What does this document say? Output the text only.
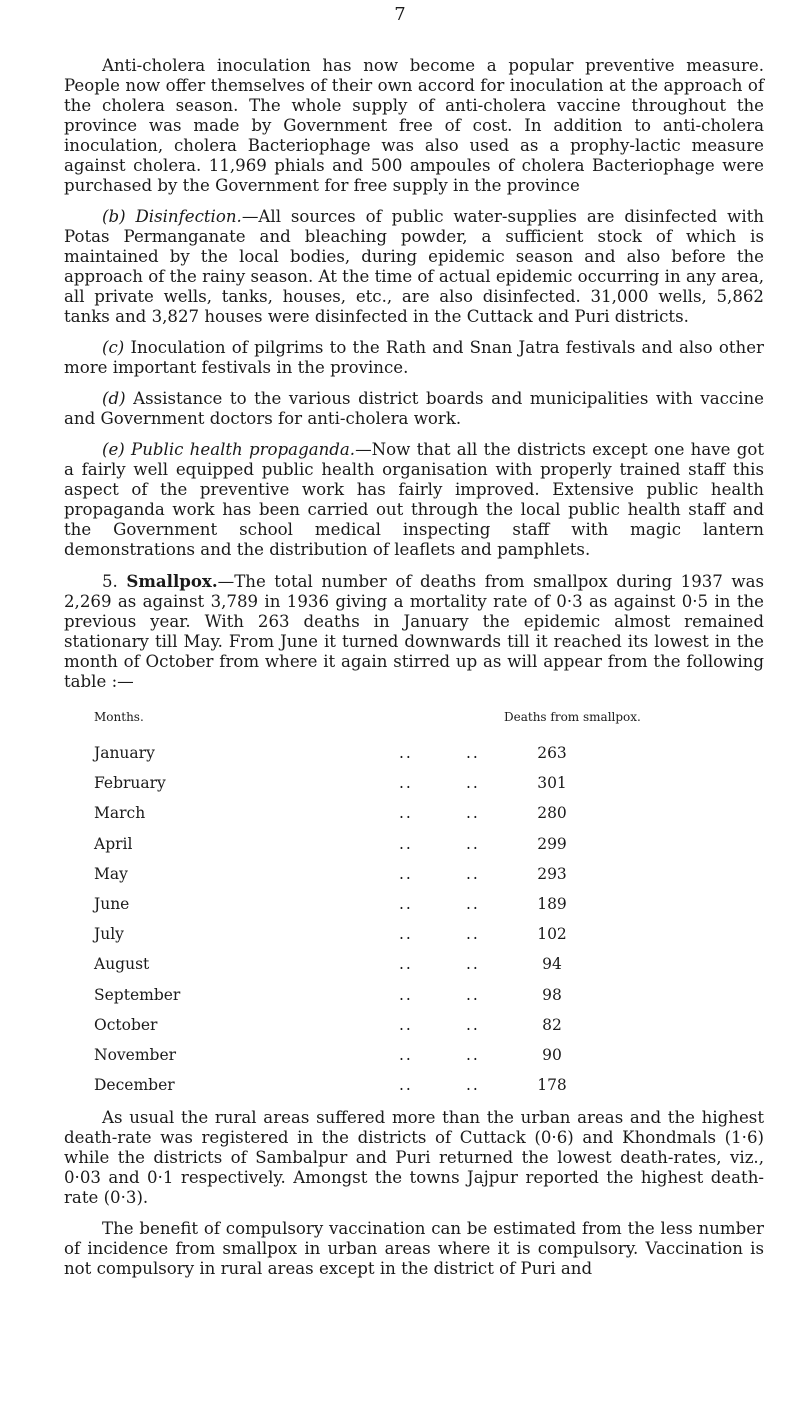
7

Anti-cholera inoculation has now become a popular preventive measure. People now offer themselves of their own accord for inoculation at the approach of the cholera season. The whole supply of anti-cholera vaccine throughout the province was made by Government free of cost. In addition to anti-cholera inoculation, cholera Bacteriophage was also used as a prophy-lactic measure against cholera. 11,969 phials and 500 ampoules of cholera Bacteriophage were purchased by the Government for free supply in the province

(b) Disinfection.—All sources of public water-supplies are disinfected with Potas Permanganate and bleaching powder, a sufficient stock of which is maintained by the local bodies, during epidemic season and also before the approach of the rainy season. At the time of actual epidemic occurring in any area, all private wells, tanks, houses, etc., are also disinfected. 31,000 wells, 5,862 tanks and 3,827 houses were disinfected in the Cuttack and Puri districts.

(c) Inoculation of pilgrims to the Rath and Snan Jatra festivals and also other more important festivals in the province.

(d) Assistance to the various district boards and municipalities with vaccine and Government doctors for anti-cholera work.

(e) Public health propaganda.—Now that all the districts except one have got a fairly well equipped public health organisation with properly trained staff this aspect of the preventive work has fairly improved. Extensive public health propaganda work has been carried out through the local public health staff and the Government school medical inspecting staff with magic lantern demonstrations and the distribution of leaflets and pamphlets.

5. Smallpox.—The total number of deaths from smallpox during 1937 was 2,269 as against 3,789 in 1936 giving a mortality rate of 0·3 as against 0·5 in the previous year. With 263 deaths in January the epidemic almost remained stationary till May. From June it turned downwards till it reached its lowest in the month of October from where it again stirred up as will appear from the following table :—

Months.	Deaths from smallpox.
January	..	..	263
February	..	..	301
March	..	..	280
April	..	..	299
May	..	..	293
June	..	..	189
July	..	..	102
August	..	..	94
September	..	..	98
October	..	..	82
November	..	..	90
December	..	..	178

As usual the rural areas suffered more than the urban areas and the highest death-rate was registered in the districts of Cuttack (0·6) and Khondmals (1·6) while the districts of Sambalpur and Puri returned the lowest death-rates, viz., 0·03 and 0·1 respectively. Amongst the towns Jajpur reported the highest death-rate (0·3).

The benefit of compulsory vaccination can be estimated from the less number of incidence from smallpox in urban areas where it is compulsory. Vaccination is not compulsory in rural areas except in the district of Puri and
